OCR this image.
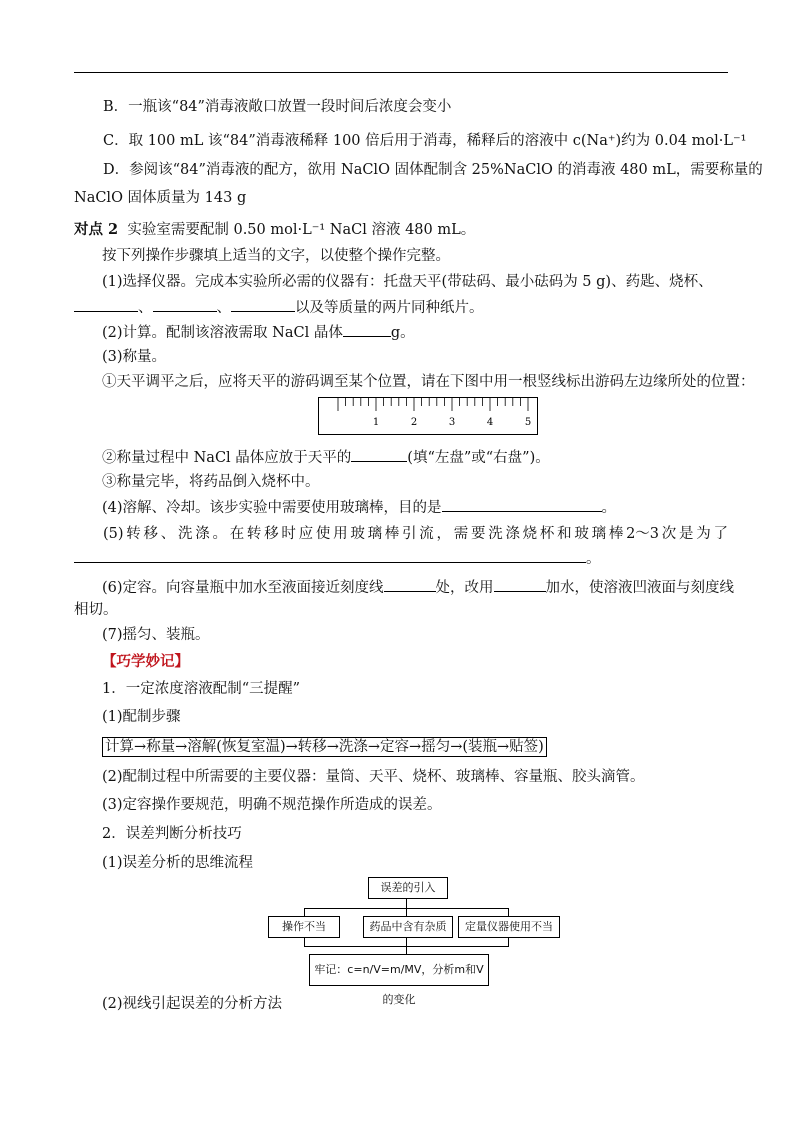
B．一瓶该“84”消毒液敞口放置一段时间后浓度会变小
C．取 100 mL 该“84”消毒液稀释 100 倍后用于消毒，稀释后的溶液中 c(Na⁺)约为 0.04 mol·L⁻¹
D．参阅该“84”消毒液的配方，欲用 NaClO 固体配制含 25%NaClO 的消毒液 480 mL，需要称量的
NaClO 固体质量为 143 g
对点 2 实验室需要配制 0.50 mol·L⁻¹ NaCl 溶液 480 mL。
按下列操作步骤填上适当的文字，以使整个操作完整。
(1)选择仪器。完成本实验所必需的仪器有：托盘天平(带砝码、最小砝码为 5 g)、药匙、烧杯、
、	、	以及等质量的两片同种纸片。
(2)计算。配制该溶液需取 NaCl 晶体	g。
(3)称量。
①天平调平之后，应将天平的游码调至某个位置，请在下图中用一根竖线标出游码左边缘所处的位置：
1	2	3	4	5
②称量过程中 NaCl 晶体应放于天平的	(填“左盘”或“右盘”)。
③称量完毕，将药品倒入烧杯中。
(4)溶解、冷却。该步实验中需要使用玻璃棒，目的是	。
(5) 转 移 、 洗 涤 。 在 转 移 时 应 使 用 玻 璃 棒 引 流 ， 需 要 洗 涤 烧 杯 和 玻 璃 棒 2～3 次 是 为 了
。
(6)定容。向容量瓶中加水至液面接近刻度线	处，改用	加水，使溶液凹液面与刻度线
相切。
(7)摇匀、装瓶。
【巧学妙记】
1．一定浓度溶液配制“三提醒”
(1)配制步骤
计算→称量→溶解(恢复室温)→转移→洗涤→定容→摇匀→(装瓶→贴签)
(2)配制过程中所需要的主要仪器：量筒、天平、烧杯、玻璃棒、容量瓶、胶头滴管。
(3)定容操作要规范，明确不规范操作所造成的误差。
2．误差判断分析技巧
(1)误差分析的思维流程
误差的引入
操作不当	药品中含有杂质	定量仪器使用不当
牢记：c=n/V=m/MV，分析m和V的变化
(2)视线引起误差的分析方法
